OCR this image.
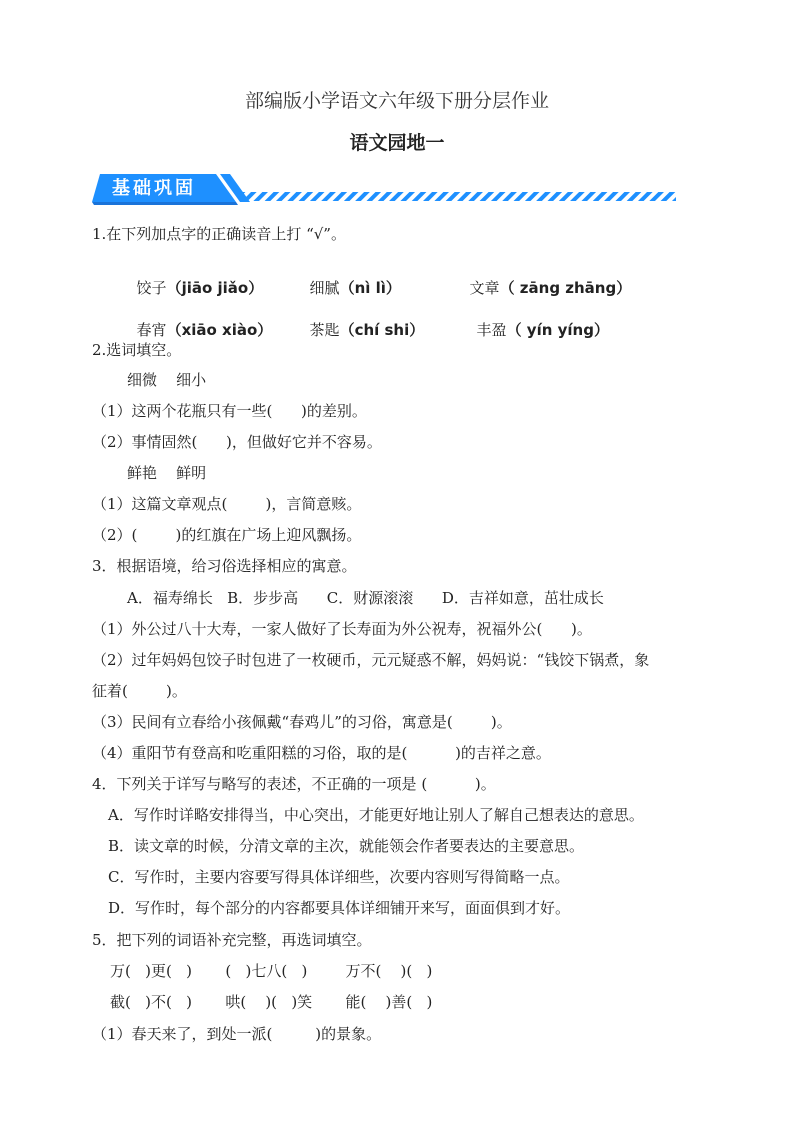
部编版小学语文六年级下册分层作业
语文园地一
基础巩固
1.在下列加点字的正确读音上打 “√”。

饺子（jiāo jiǎo）	细腻（nì lì）	文章（ zāng zhāng）

春宵（xiāo xiào）	茶匙（chí shi）	丰盈（ yín yíng）

2.选词填空。
细微    细小
（1）这两个花瓶只有一些(      )的差别。
（2）事情固然(      )，但做好它并不容易。
鲜艳    鲜明
（1）这篇文章观点(        )，言简意赅。
（2）(        )的红旗在广场上迎风飘扬。
3．根据语境，给习俗选择相应的寓意。
A．福寿绵长   B．步步高      C．财源滚滚      D．吉祥如意，茁壮成长
（1）外公过八十大寿，一家人做好了长寿面为外公祝寿，祝福外公(      )。
（2）过年妈妈包饺子时包进了一枚硬币，元元疑惑不解，妈妈说：“钱饺下锅煮，象
征着(        )。
（3）民间有立春给小孩佩戴“春鸡儿”的习俗，寓意是(        )。
（4）重阳节有登高和吃重阳糕的习俗，取的是(          )的吉祥之意。
4．下列关于详写与略写的表述，不正确的一项是 (          )。
A．写作时详略安排得当，中心突出，才能更好地让别人了解自己想表达的意思。
B．读文章的时候，分清文章的主次，就能领会作者要表达的主要意思。
C．写作时，主要内容要写得具体详细些，次要内容则写得简略一点。
D．写作时，每个部分的内容都要具体详细铺开来写，面面俱到才好。
5．把下列的词语补充完整，再选词填空。
万(   )更(   )       (   )七八(   )        万不(    )(   )
截(   )不(   )       哄(    )(   )笑       能(    )善(   )
（1）春天来了，到处一派(         )的景象。
